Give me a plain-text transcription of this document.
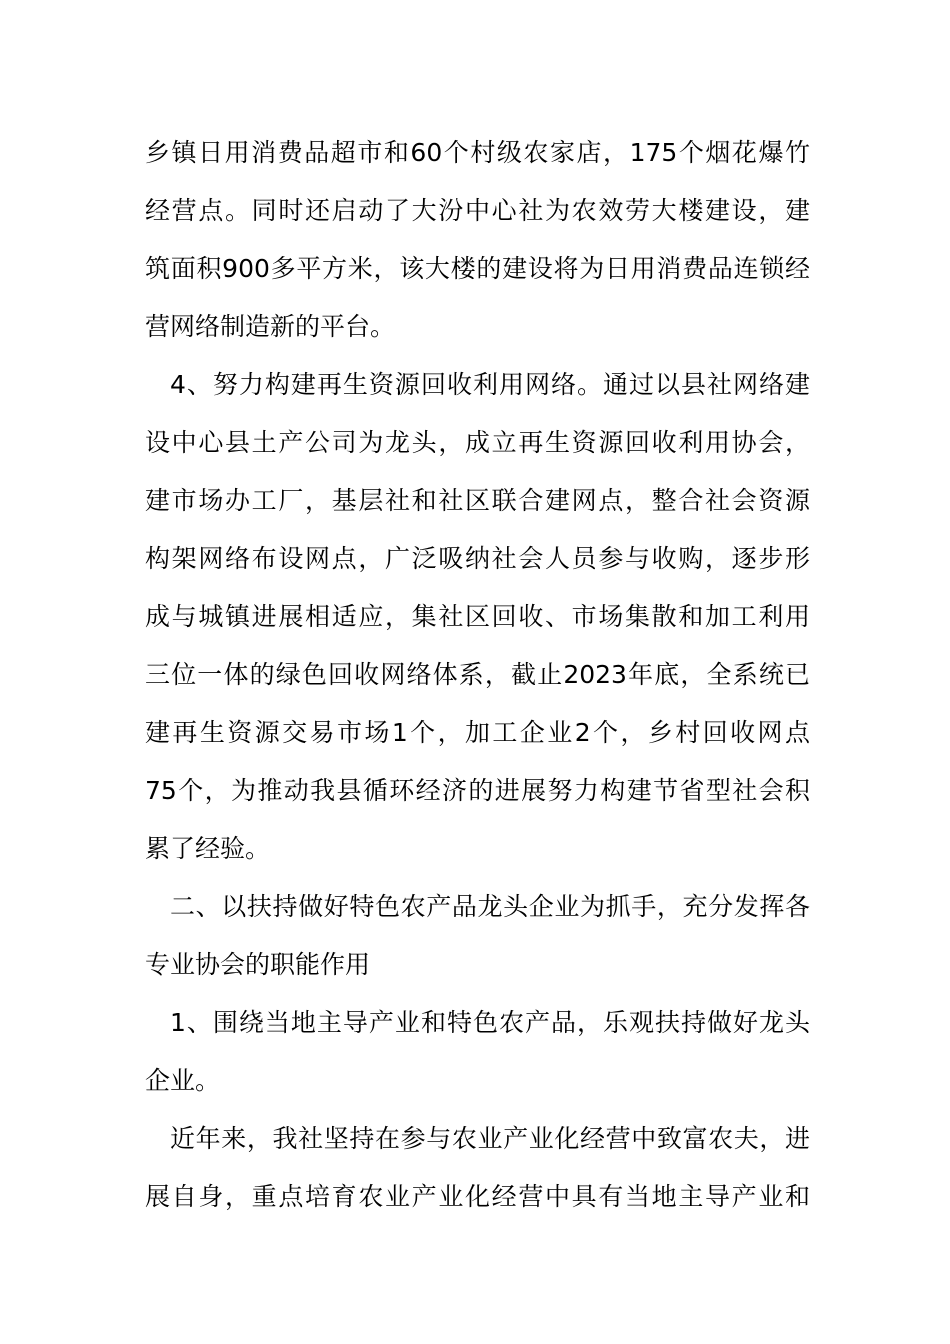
乡镇日用消费品超市和60个村级农家店，175个烟花爆竹
经营点。同时还启动了大汾中心社为农效劳大楼建设，建
筑面积900多平方米，该大楼的建设将为日用消费品连锁经
营网络制造新的平台。
4、努力构建再生资源回收利用网络。通过以县社网络建
设中心县土产公司为龙头，成立再生资源回收利用协会，
建市场办工厂，基层社和社区联合建网点，整合社会资源
构架网络布设网点，广泛吸纳社会人员参与收购，逐步形
成与城镇进展相适应，集社区回收、市场集散和加工利用
三位一体的绿色回收网络体系，截止2023年底，全系统已
建再生资源交易市场1个，加工企业2个，乡村回收网点
75个，为推动我县循环经济的进展努力构建节省型社会积
累了经验。
二、以扶持做好特色农产品龙头企业为抓手，充分发挥各
专业协会的职能作用
1、围绕当地主导产业和特色农产品，乐观扶持做好龙头
企业。
近年来，我社坚持在参与农业产业化经营中致富农夫，进
展自身，重点培育农业产业化经营中具有当地主导产业和
